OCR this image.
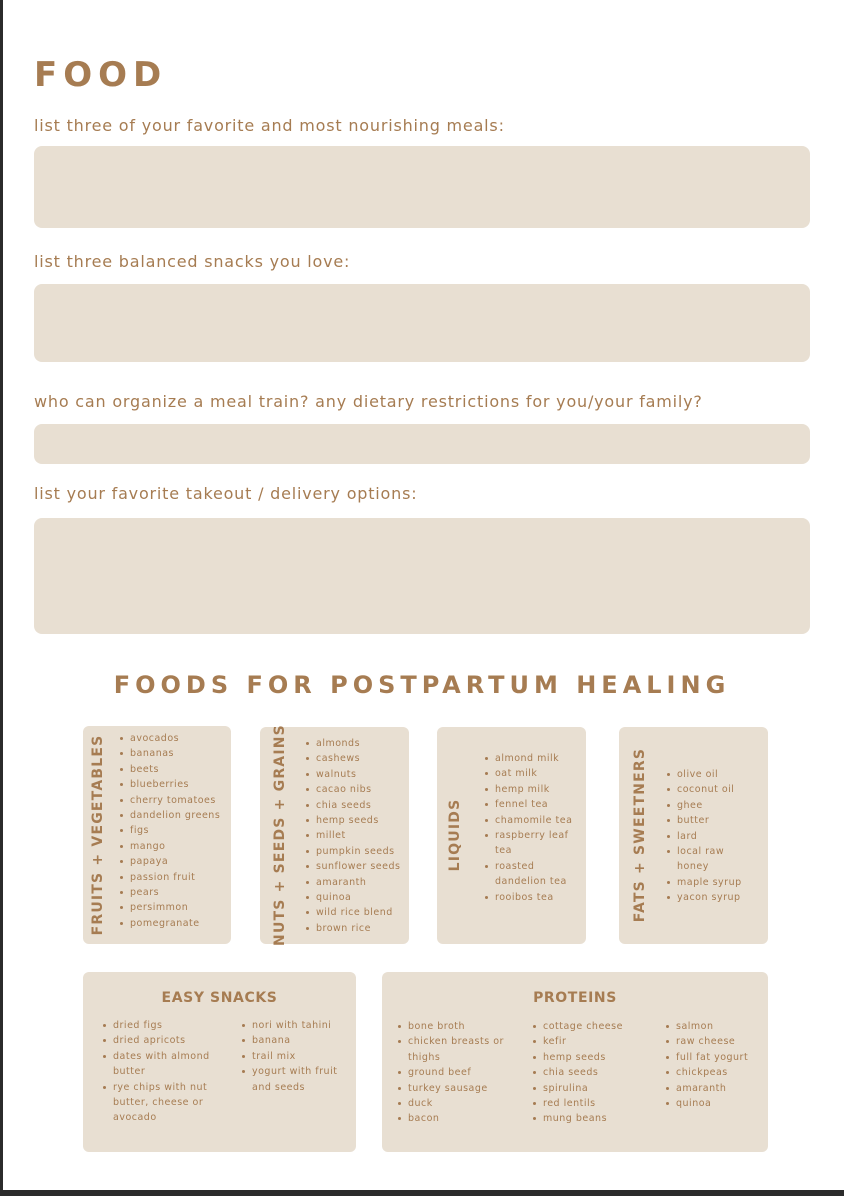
FOOD

list three of your favorite and most nourishing meals:

list three balanced snacks you love:

who can organize a meal train? any dietary restrictions for you/your family?

list your favorite takeout / delivery options:

FOODS FOR POSTPARTUM HEALING
FRUITS + VEGETABLES	avocados
bananas
beets
blueberries
cherry tomatoes
dandelion greens
figs
mango
papaya
passion fruit
pears
persimmon
pomegranate	NUTS + SEEDS + GRAINS	almonds
cashews
walnuts
cacao nibs
chia seeds
hemp seeds
millet
pumpkin seeds
sunflower seeds
amaranth
quinoa
wild rice blend
brown rice
LIQUIDS
almond milk
oat milk
hemp milk
fennel tea
chamomile tea
raspberry leaf tea
roasted dandelion tea
rooibos tea	FATS + SWEETNERS	olive oil
coconut oil
ghee
butter
lard
local raw honey
maple syrup
yacon syrup
EASY SNACKS
dried figs
dried apricots
dates with almond butter
rye chips with nut butter, cheese or avocado
nori with tahini
banana
trail mix
yogurt with fruit and seeds
PROTEINS
bone broth
chicken breasts or thighs
ground beef
turkey sausage
duck
bacon
cottage cheese
kefir
hemp seeds
chia seeds
spirulina
red lentils
mung beans
salmon
raw cheese
full fat yogurt
chickpeas
amaranth
quinoa
